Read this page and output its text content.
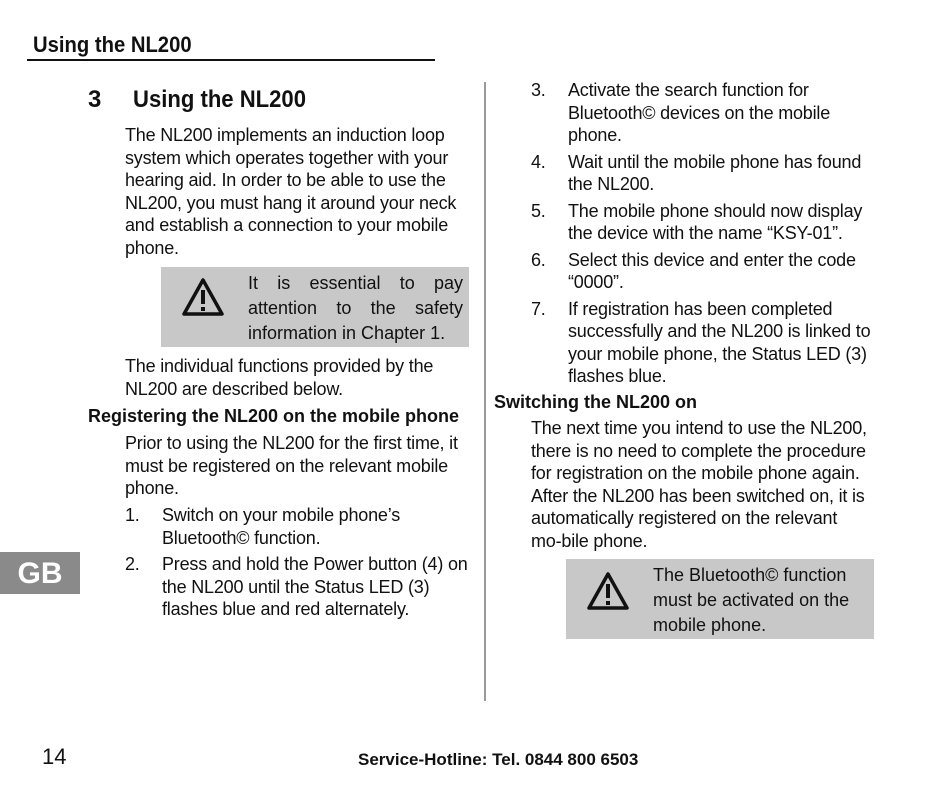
Using the NL200
3 Using the NL200

The NL200 implements an induction loop system which operates together with your hearing aid. In order to be able to use the NL200, you must hang it around your neck and establish a connection to your mobile phone.

It is essential to pay attention to the safety information in Chapter 1.

The individual functions provided by the NL200 are described below.

Registering the NL200 on the mobile phone

Prior to using the NL200 for the first time, it must be registered on the relevant mobile phone.

1. Switch on your mobile phone’s Bluetooth© function.
2. Press and hold the Power button (4) on the NL200 until the Status LED (3) flashes blue and red alternately.
3. Activate the search function for Bluetooth© devices on the mobile phone.
4. Wait until the mobile phone has found the NL200.
5. The mobile phone should now display the device with the name “KSY-01”.
6. Select this device and enter the code “0000”.
7. If registration has been completed successfully and the NL200 is linked to your mobile phone, the Status LED (3) flashes blue.
Switching the NL200 on

The next time you intend to use the NL200, there is no need to complete the procedure for registration on the mobile phone again. After the NL200 has been switched on, it is automatically registered on the relevant mo-bile phone.

The Bluetooth© function must be activated on the mobile phone.
GB
14	Service-Hotline: Tel. 0844 800 6503
